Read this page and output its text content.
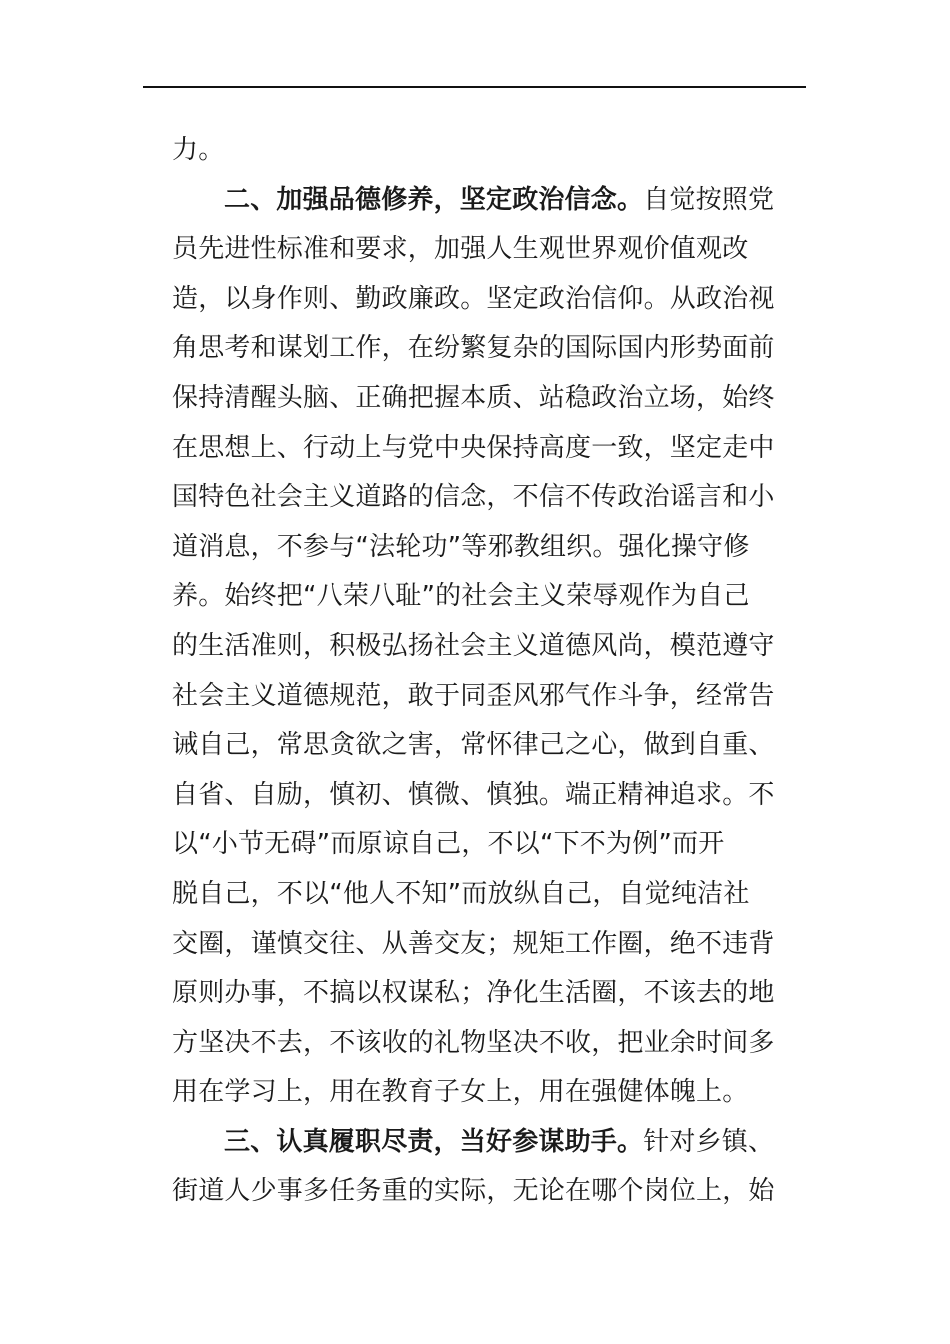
力。
二、加强品德修养，坚定政治信念。自觉按照党
员先进性标准和要求，加强人生观世界观价值观改
造，以身作则、勤政廉政。坚定政治信仰。从政治视
角思考和谋划工作，在纷繁复杂的国际国内形势面前
保持清醒头脑、正确把握本质、站稳政治立场，始终
在思想上、行动上与党中央保持高度一致，坚定走中
国特色社会主义道路的信念，不信不传政治谣言和小
道消息，不参与“法轮功”等邪教组织。强化操守修
养。始终把“八荣八耻”的社会主义荣辱观作为自己
的生活准则，积极弘扬社会主义道德风尚，模范遵守
社会主义道德规范，敢于同歪风邪气作斗争，经常告
诫自己，常思贪欲之害，常怀律己之心，做到自重、
自省、自励，慎初、慎微、慎独。端正精神追求。不
以“小节无碍”而原谅自己，不以“下不为例”而开
脱自己，不以“他人不知”而放纵自己，自觉纯洁社
交圈，谨慎交往、从善交友；规矩工作圈，绝不违背
原则办事，不搞以权谋私；净化生活圈，不该去的地
方坚决不去，不该收的礼物坚决不收，把业余时间多
用在学习上，用在教育子女上，用在强健体魄上。
三、认真履职尽责，当好参谋助手。针对乡镇、
街道人少事多任务重的实际，无论在哪个岗位上，始
